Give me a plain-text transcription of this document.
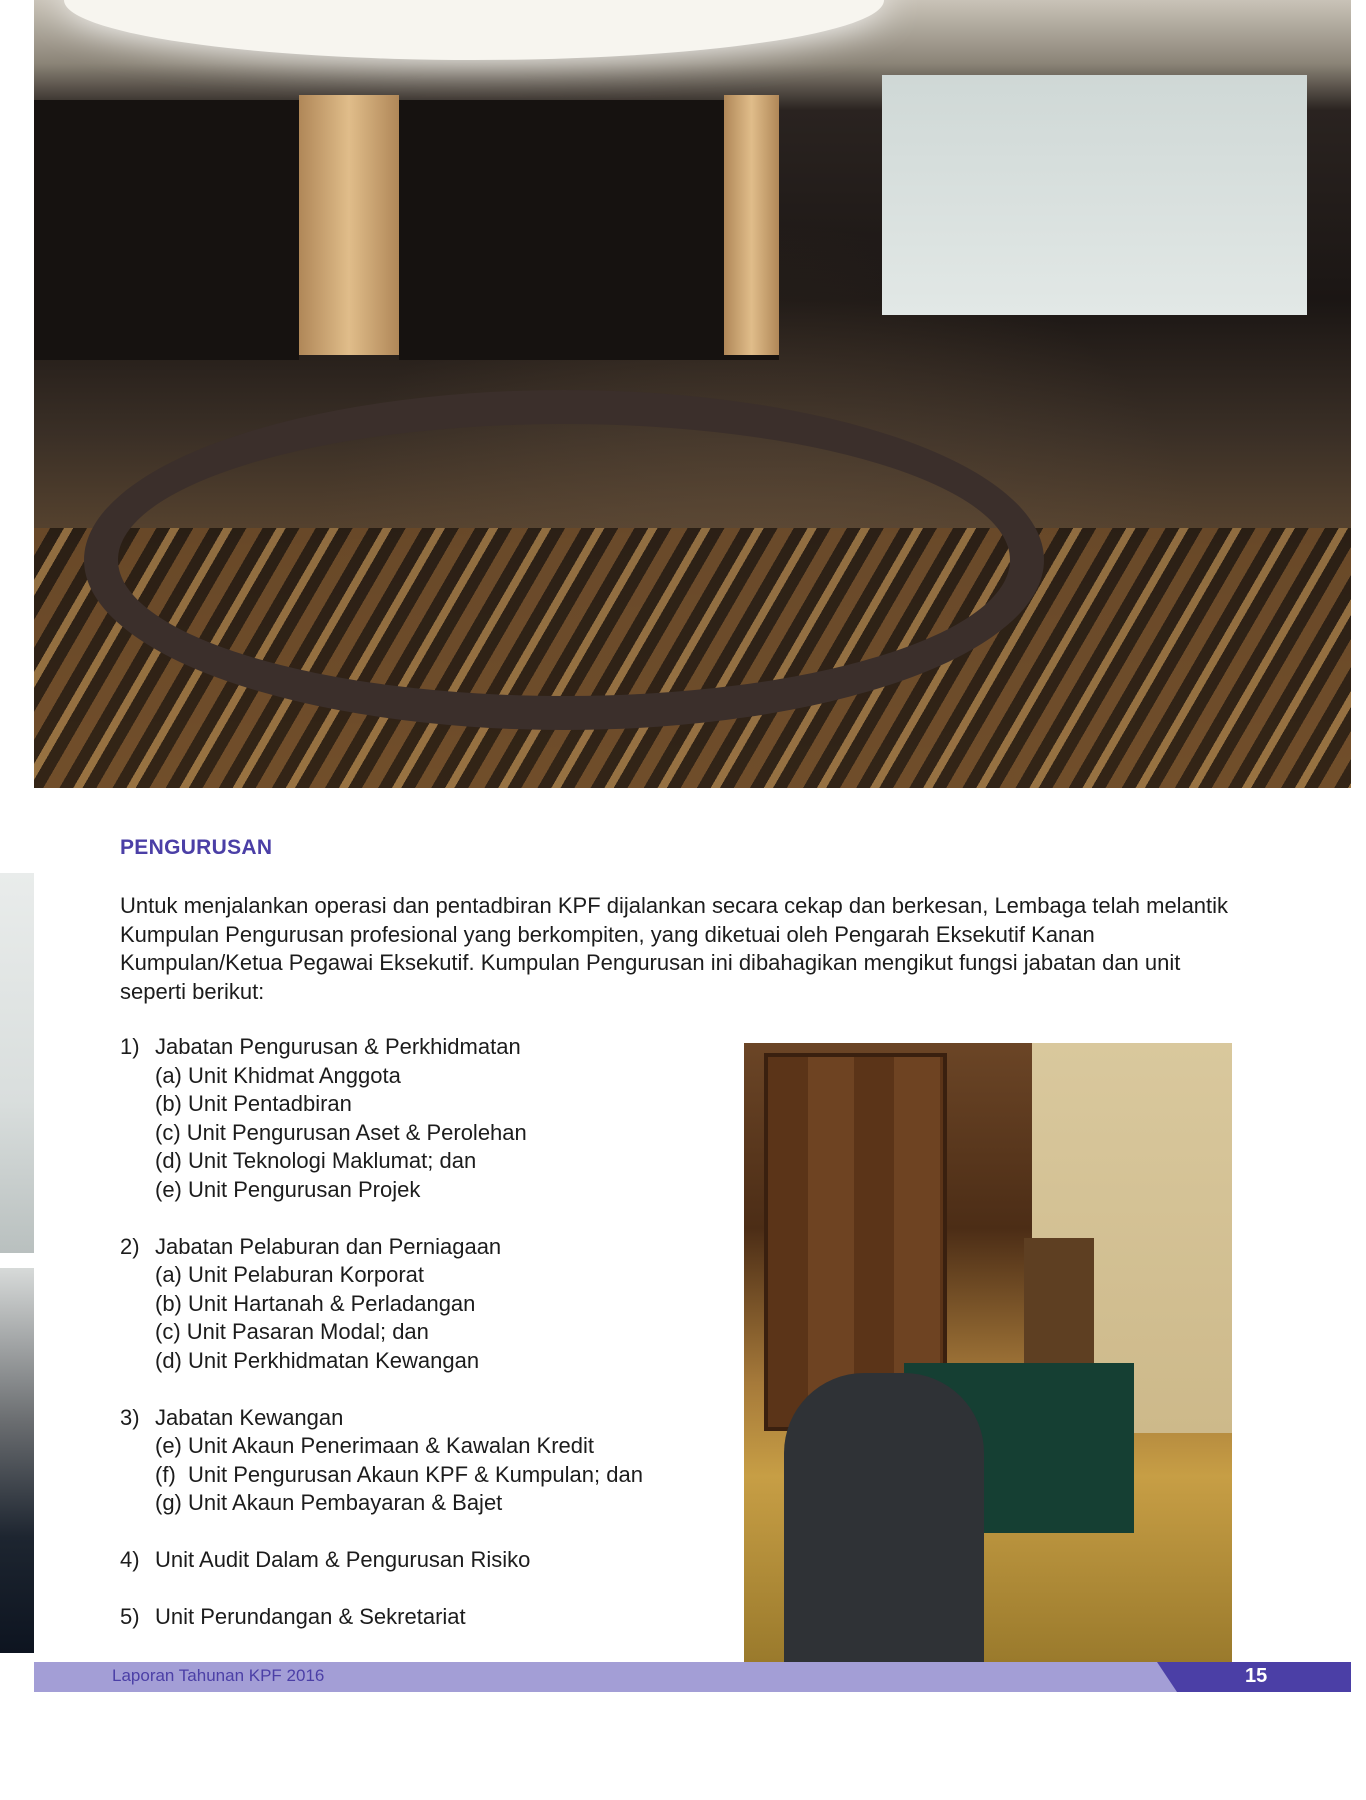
PENGURUSAN

Untuk menjalankan operasi dan pentadbiran KPF dijalankan secara cekap dan berkesan, Lembaga telah melantik Kumpulan Pengurusan profesional yang berkompiten, yang diketuai oleh Pengarah Eksekutif Kanan Kumpulan/Ketua Pegawai Eksekutif. Kumpulan Pengurusan ini dibahagikan mengikut fungsi jabatan dan unit seperti berikut:

1) Jabatan Pengurusan & Perkhidmatan
(a) Unit Khidmat Anggota
(b) Unit Pentadbiran
(c) Unit Pengurusan Aset & Perolehan
(d) Unit Teknologi Maklumat; dan
(e) Unit Pengurusan Projek
2) Jabatan Pelaburan dan Perniagaan
(a) Unit Pelaburan Korporat
(b) Unit Hartanah & Perladangan
(c) Unit Pasaran Modal; dan
(d) Unit Perkhidmatan Kewangan
3) Jabatan Kewangan
(e) Unit Akaun Penerimaan & Kawalan Kredit
(f)  Unit Pengurusan Akaun KPF & Kumpulan; dan
(g) Unit Akaun Pembayaran & Bajet
4) Unit Audit Dalam & Pengurusan Risiko
5) Unit Perundangan & Sekretariat

Laporan Tahunan KPF 2016	15
